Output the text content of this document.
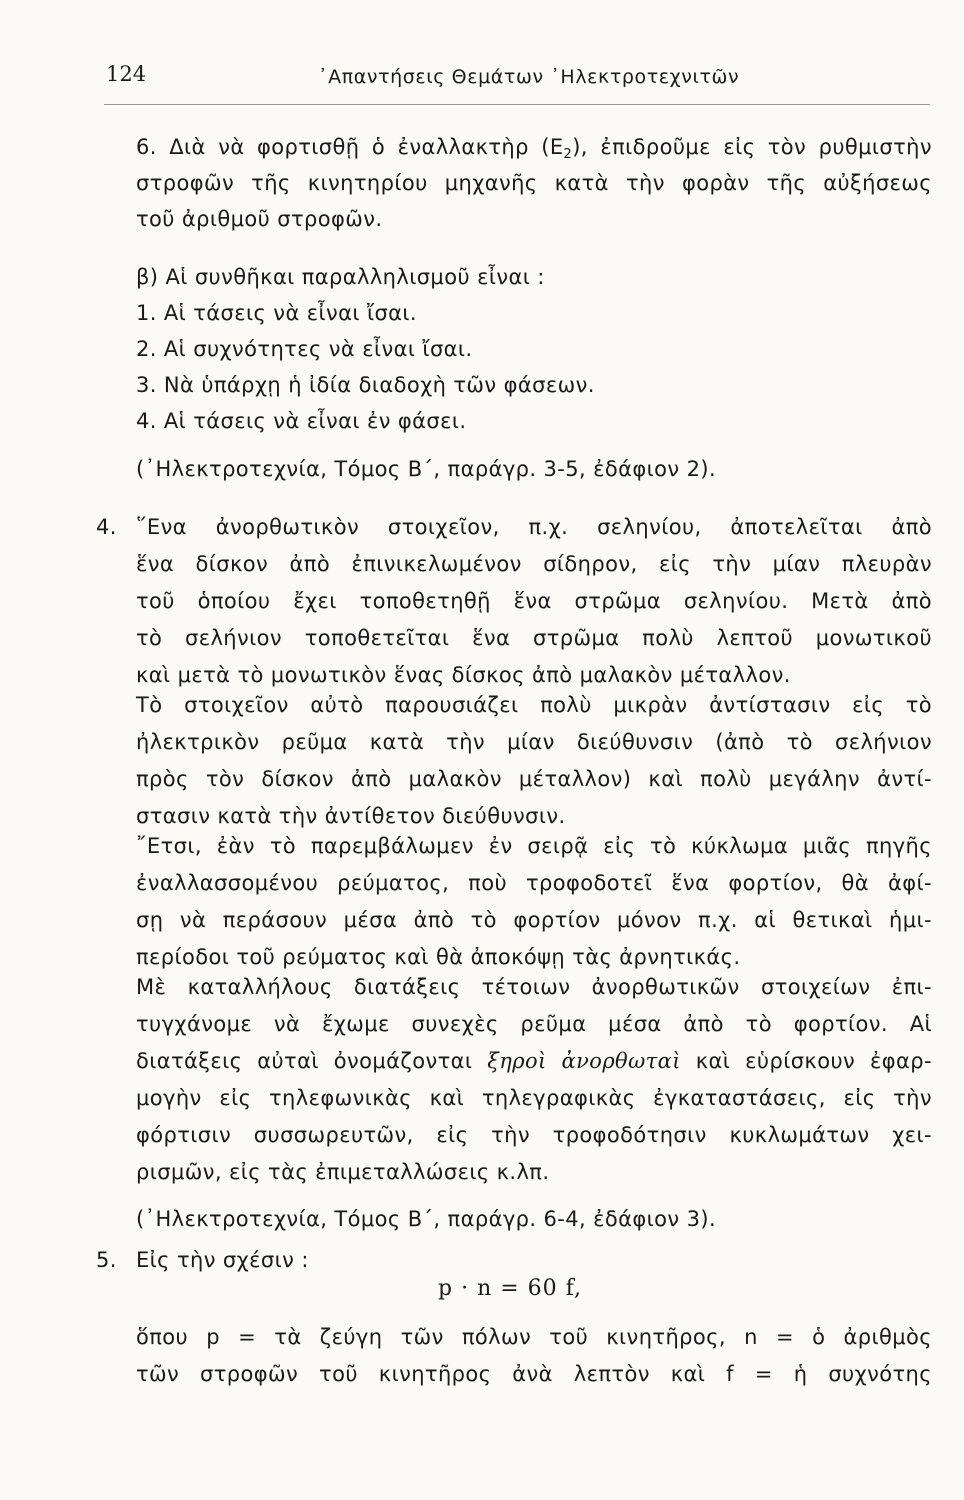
124	᾽Απαντήσεις Θεμάτων ᾽Ηλεκτροτεχνιτῶν
6. Διὰ νὰ φορτισθῇ ὁ ἐναλλακτὴρ $(E_2)$, ἐπιδροῦμε εἰς τὸν ρυθμιστὴν
στροφῶν τῆς κινητηρίου μηχανῆς κατὰ τὴν φορὰν τῆς αὐξήσεως
τοῦ ἀριθμοῦ στροφῶν.
β) Αἱ συνθῆκαι παραλληλισμοῦ εἶναι :
1. Αἱ τάσεις νὰ εἶναι ἴσαι.
2. Αἱ συχνότητες νὰ εἶναι ἴσαι.
3. Νὰ ὑπάρχῃ ἡ ἰδία διαδοχὴ τῶν φάσεων.
4. Αἱ τάσεις νὰ εἶναι ἐν φάσει.
(᾽Ηλεκτροτεχνία, Τόμος Β΄, παράγρ. 3-5, ἐδάφιον 2).
4. ῞Ενα ἀνορθωτικὸν στοιχεῖον, π.χ. σεληνίου, ἀποτελεῖται ἀπὸ
ἕνα δίσκον ἀπὸ ἐπινικελωμένον σίδηρον, εἰς τὴν μίαν πλευρὰν
τοῦ ὁποίου ἔχει τοποθετηθῇ ἕνα στρῶμα σεληνίου. Μετὰ ἀπὸ
τὸ σελήνιον τοποθετεῖται ἕνα στρῶμα πολὺ λεπτοῦ μονωτικοῦ
καὶ μετὰ τὸ μονωτικὸν ἕνας δίσκος ἀπὸ μαλακὸν μέταλλον.
Τὸ στοιχεῖον αὐτὸ παρουσιάζει πολὺ μικρὰν ἀντίστασιν εἰς τὸ
ἠλεκτρικὸν ρεῦμα κατὰ τὴν μίαν διεύθυνσιν (ἀπὸ τὸ σελήνιον
πρὸς τὸν δίσκον ἀπὸ μαλακὸν μέταλλον) καὶ πολὺ μεγάλην ἀντί-
στασιν κατὰ τὴν ἀντίθετον διεύθυνσιν.
῎Ετσι, ἐὰν τὸ παρεμβάλωμεν ἐν σειρᾷ εἰς τὸ κύκλωμα μιᾶς πηγῆς
ἐναλλασσομένου ρεύματος, ποὺ τροφοδοτεῖ ἕνα φορτίον, θὰ ἀφί-
σῃ νὰ περάσουν μέσα ἀπὸ τὸ φορτίον μόνον π.χ. αἱ θετικαὶ ἡμι-
περίοδοι τοῦ ρεύματος καὶ θὰ ἀποκόψῃ τὰς ἀρνητικάς.
Μὲ καταλλήλους διατάξεις τέτοιων ἀνορθωτικῶν στοιχείων ἐπι-
τυγχάνομε νὰ ἔχωμε συνεχὲς ρεῦμα μέσα ἀπὸ τὸ φορτίον. Αἱ
διατάξεις αὐταὶ ὀνομάζονται ξηροὶ ἀνορθωταὶ καὶ εὑρίσκουν ἐφαρ-
μογὴν εἰς τηλεφωνικὰς καὶ τηλεγραφικὰς ἐγκαταστάσεις, εἰς τὴν
φόρτισιν συσσωρευτῶν, εἰς τὴν τροφοδότησιν κυκλωμάτων χει-
ρισμῶν, εἰς τὰς ἐπιμεταλλώσεις κ.λπ.
(᾽Ηλεκτροτεχνία, Τόμος Β΄, παράγρ. 6-4, ἐδάφιον 3).
5. Εἰς τὴν σχέσιν :
p · n = 60 f,
ὅπου p = τὰ ζεύγη τῶν πόλων τοῦ κινητῆρος, n = ὁ ἀριθμὸς
τῶν στροφῶν τοῦ κινητῆρος ἀνὰ λεπτὸν καὶ f = ἡ συχνότης
